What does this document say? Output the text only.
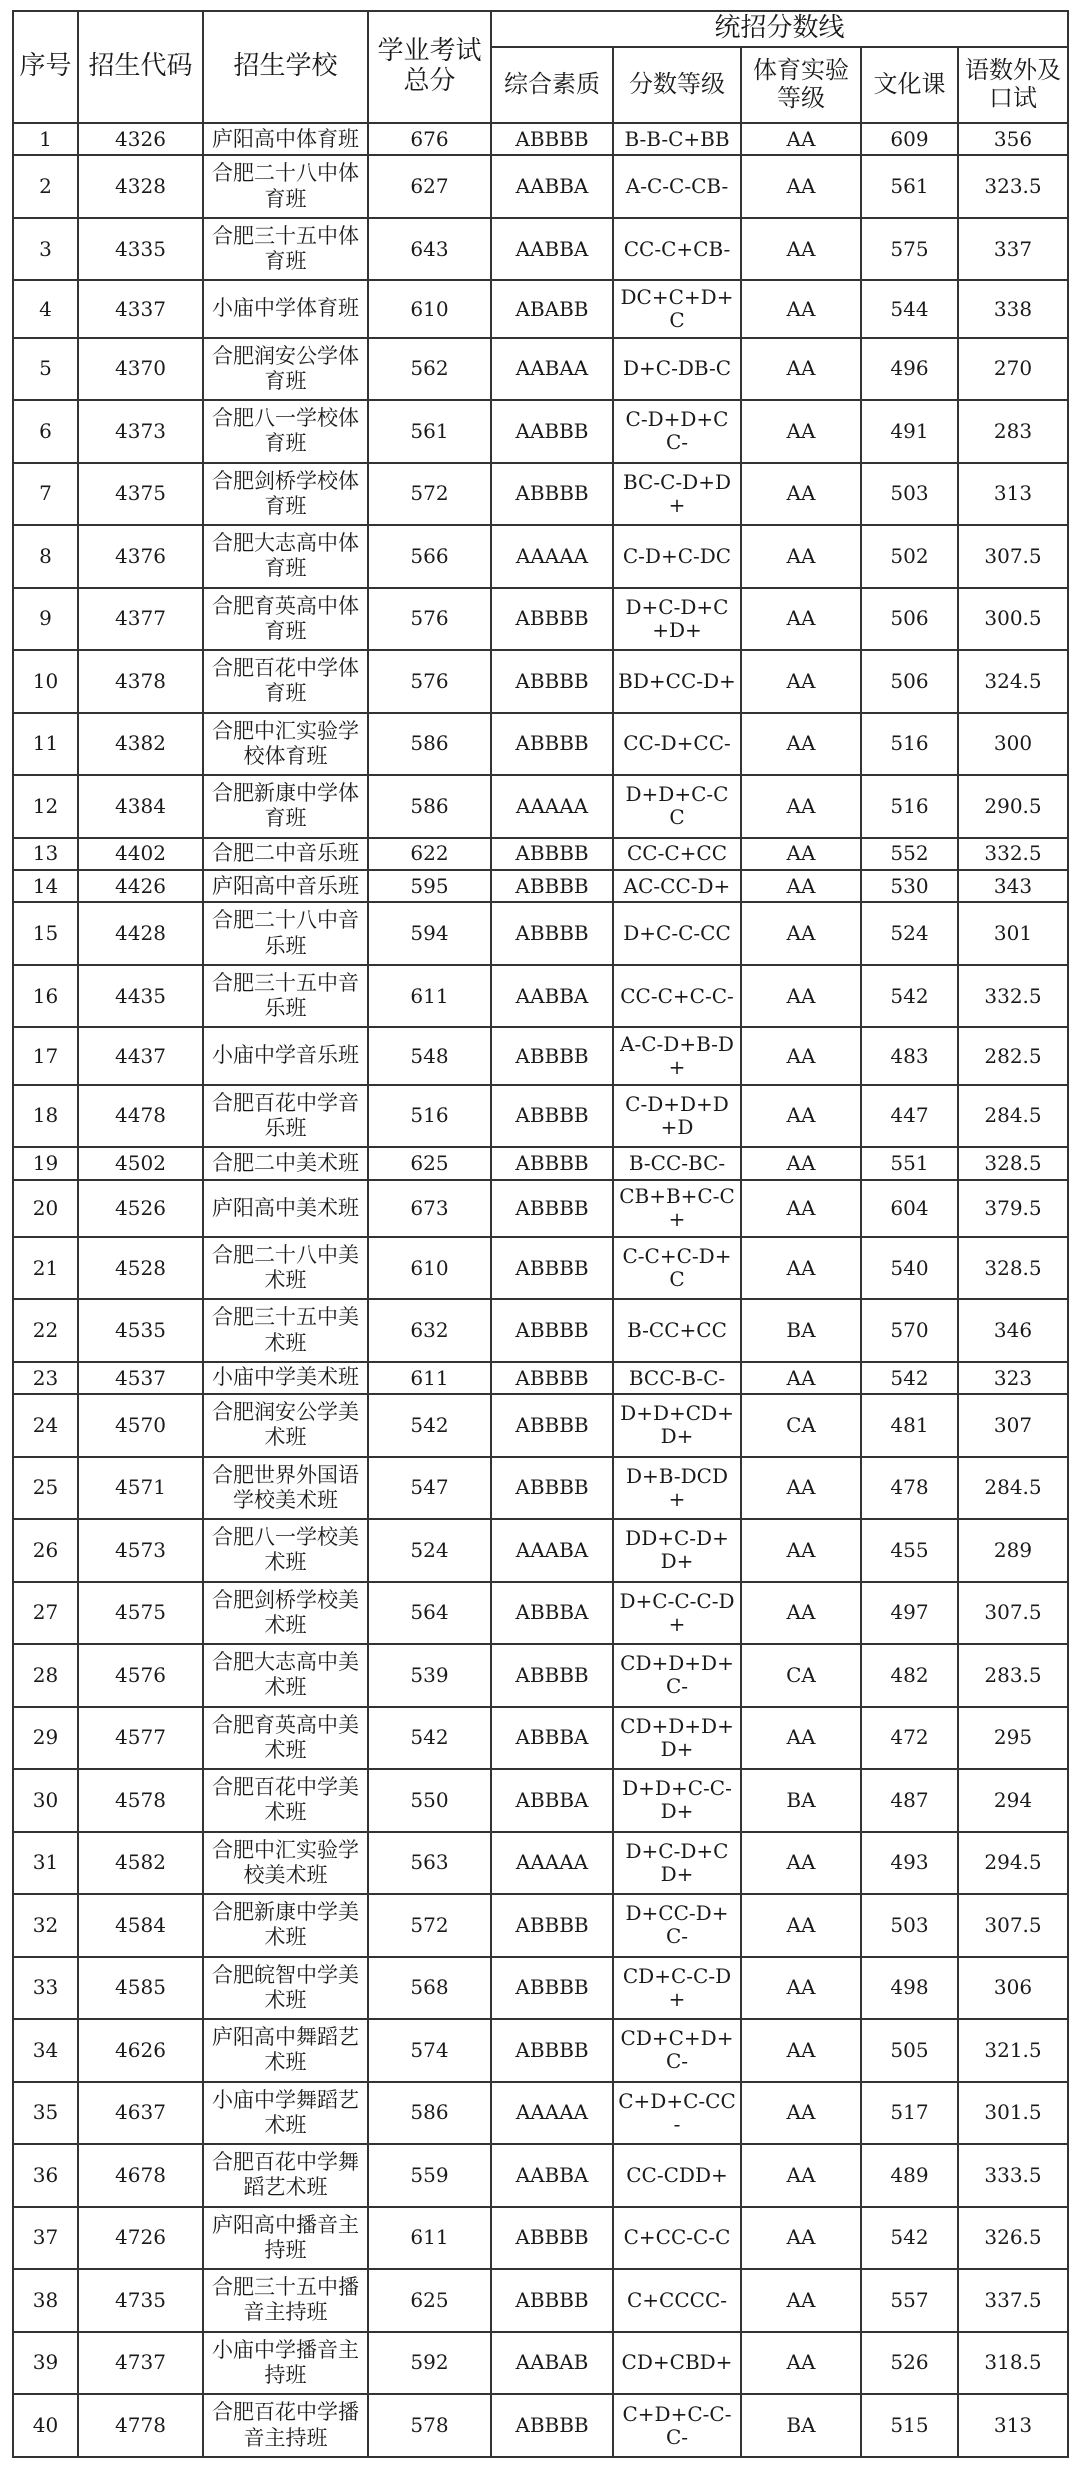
序号	招生代码	招生学校	学业考试总分	统招分数线				
				综合素质	分数等级	体育实验等级	文化课	语数外及口试
1	4326	庐阳高中体育班	676	ABBBB	B-B-C+BB	AA	609	356
2	4328	合肥二十八中体育班	627	AABBA	A-C-C-CB-	AA	561	323.5
3	4335	合肥三十五中体育班	643	AABBA	CC-C+CB-	AA	575	337
4	4337	小庙中学体育班	610	ABABB	DC+C+D+C	AA	544	338
5	4370	合肥润安公学体育班	562	AABAA	D+C-DB-C	AA	496	270
6	4373	合肥八一学校体育班	561	AABBB	C-D+D+CC-	AA	491	283
7	4375	合肥剑桥学校体育班	572	ABBBB	BC-C-D+D+	AA	503	313
8	4376	合肥大志高中体育班	566	AAAAA	C-D+C-DC	AA	502	307.5
9	4377	合肥育英高中体育班	576	ABBBB	D+C-D+C+D+	AA	506	300.5
10	4378	合肥百花中学体育班	576	ABBBB	BD+CC-D+	AA	506	324.5
11	4382	合肥中汇实验学校体育班	586	ABBBB	CC-D+CC-	AA	516	300
12	4384	合肥新康中学体育班	586	AAAAA	D+D+C-CC	AA	516	290.5
13	4402	合肥二中音乐班	622	ABBBB	CC-C+CC	AA	552	332.5
14	4426	庐阳高中音乐班	595	ABBBB	AC-CC-D+	AA	530	343
15	4428	合肥二十八中音乐班	594	ABBBB	D+C-C-CC	AA	524	301
16	4435	合肥三十五中音乐班	611	AABBA	CC-C+C-C-	AA	542	332.5
17	4437	小庙中学音乐班	548	ABBBB	A-C-D+B-D+	AA	483	282.5
18	4478	合肥百花中学音乐班	516	ABBBB	C-D+D+D+D	AA	447	284.5
19	4502	合肥二中美术班	625	ABBBB	B-CC-BC-	AA	551	328.5
20	4526	庐阳高中美术班	673	ABBBB	CB+B+C-C+	AA	604	379.5
21	4528	合肥二十八中美术班	610	ABBBB	C-C+C-D+C	AA	540	328.5
22	4535	合肥三十五中美术班	632	ABBBB	B-CC+CC	BA	570	346
23	4537	小庙中学美术班	611	ABBBB	BCC-B-C-	AA	542	323
24	4570	合肥润安公学美术班	542	ABBBB	D+D+CD+D+	CA	481	307
25	4571	合肥世界外国语学校美术班	547	ABBBB	D+B-DCD+	AA	478	284.5
26	4573	合肥八一学校美术班	524	AAABA	DD+C-D+D+	AA	455	289
27	4575	合肥剑桥学校美术班	564	ABBBA	D+C-C-C-D+	AA	497	307.5
28	4576	合肥大志高中美术班	539	ABBBB	CD+D+D+C-	CA	482	283.5
29	4577	合肥育英高中美术班	542	ABBBA	CD+D+D+D+	AA	472	295
30	4578	合肥百花中学美术班	550	ABBBA	D+D+C-C-D+	BA	487	294
31	4582	合肥中汇实验学校美术班	563	AAAAA	D+C-D+CD+	AA	493	294.5
32	4584	合肥新康中学美术班	572	ABBBB	D+CC-D+C-	AA	503	307.5
33	4585	合肥皖智中学美术班	568	ABBBB	CD+C-C-D+	AA	498	306
34	4626	庐阳高中舞蹈艺术班	574	ABBBB	CD+C+D+C-	AA	505	321.5
35	4637	小庙中学舞蹈艺术班	586	AAAAA	C+D+C-CC-	AA	517	301.5
36	4678	合肥百花中学舞蹈艺术班	559	AABBA	CC-CDD+	AA	489	333.5
37	4726	庐阳高中播音主持班	611	ABBBB	C+CC-C-C	AA	542	326.5
38	4735	合肥三十五中播音主持班	625	ABBBB	C+CCCC-	AA	557	337.5
39	4737	小庙中学播音主持班	592	AABAB	CD+CBD+	AA	526	318.5
40	4778	合肥百花中学播音主持班	578	ABBBB	C+D+C-C-C-	BA	515	313
